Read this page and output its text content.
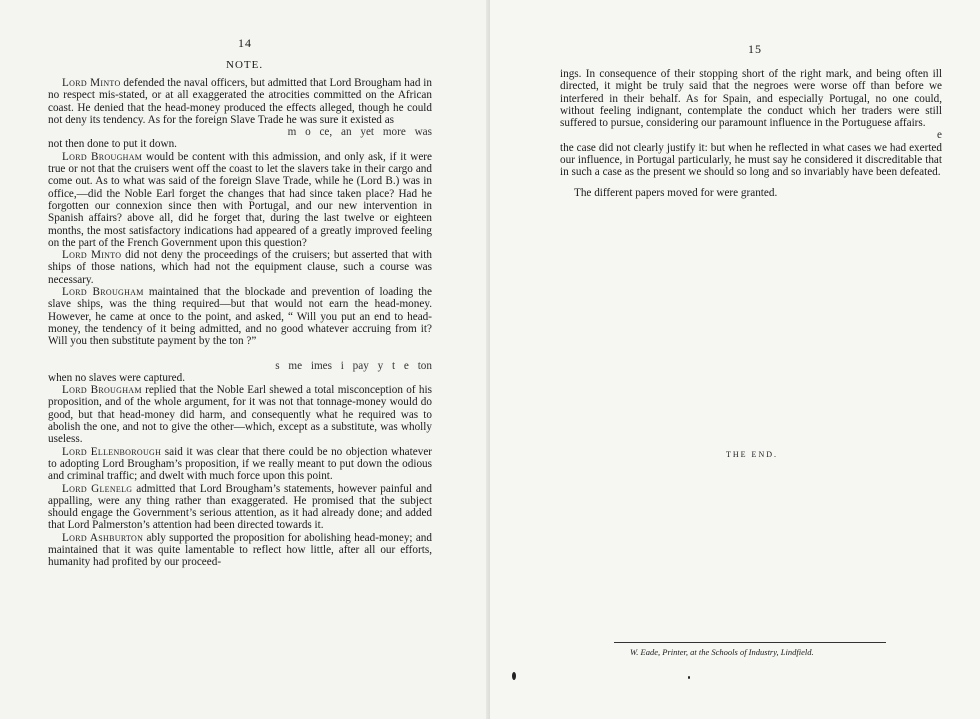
14
NOTE.

Lord Minto defended the naval officers, but admitted that Lord Brougham had in no respect mis-stated, or at all exaggerated the atrocities committed on the African coast. He denied that the head-money produced the effects alleged, though he could not deny its tendency. As for the foreign Slave Trade he was sure it existed as

m o ce, an yet more was

not then done to put it down.

Lord Brougham would be content with this admission, and only ask, if it were true or not that the cruisers went off the coast to let the slavers take in their cargo and come out. As to what was said of the foreign Slave Trade, while he (Lord B.) was in office,—did the Noble Earl forget the changes that had since taken place? Had he forgotten our connexion since then with Portugal, and our new intervention in Spanish affairs? above all, did he forget that, during the last twelve or eighteen months, the most satisfactory indications had appeared of a greatly improved feeling on the part of the French Government upon this question?

Lord Minto did not deny the proceedings of the cruisers; but asserted that with ships of those nations, which had not the equipment clause, such a course was necessary.

Lord Brougham maintained that the blockade and prevention of loading the slave ships, was the thing required—but that would not earn the head-money. However, he came at once to the point, and asked, “ Will you put an end to head-money, the tendency of it being admitted, and no good whatever accruing from it? Will you then substitute payment by the ton ?”

s me imes i pay y t e ton

when no slaves were captured.

Lord Brougham replied that the Noble Earl shewed a total misconception of his proposition, and of the whole argument, for it was not that tonnage-money would do good, but that head-money did harm, and consequently what he required was to abolish the one, and not to give the other—which, except as a substitute, was wholly useless.

Lord Ellenborough said it was clear that there could be no objection whatever to adopting Lord Brougham’s proposition, if we really meant to put down the odious and criminal traffic; and dwelt with much force upon this point.

Lord Glenelg admitted that Lord Brougham’s statements, however painful and appalling, were any thing rather than exaggerated. He promised that the subject should engage the Government’s serious attention, as it had already done; and added that Lord Palmerston’s attention had been directed towards it.

Lord Ashburton ably supported the proposition for abolishing head-money; and maintained that it was quite lamentable to reflect how little, after all our efforts, humanity had profited by our proceed-

15

ings. In consequence of their stopping short of the right mark, and being often ill directed, it might be truly said that the negroes were worse off than before we interfered in their behalf. As for Spain, and especially Portugal, no one could, without feeling indignant, contemplate the conduct which her traders were still suffered to pursue, considering our paramount influence in the Portuguese affairs.

e

the case did not clearly justify it: but when he reflected in what cases we had exerted our influence, in Portugal particularly, he must say he considered it discreditable that in such a case as the present we should so long and so invariably have been defeated.

The different papers moved for were granted.

THE END.
W. Eade, Printer, at the Schools of Industry, Lindfield.
